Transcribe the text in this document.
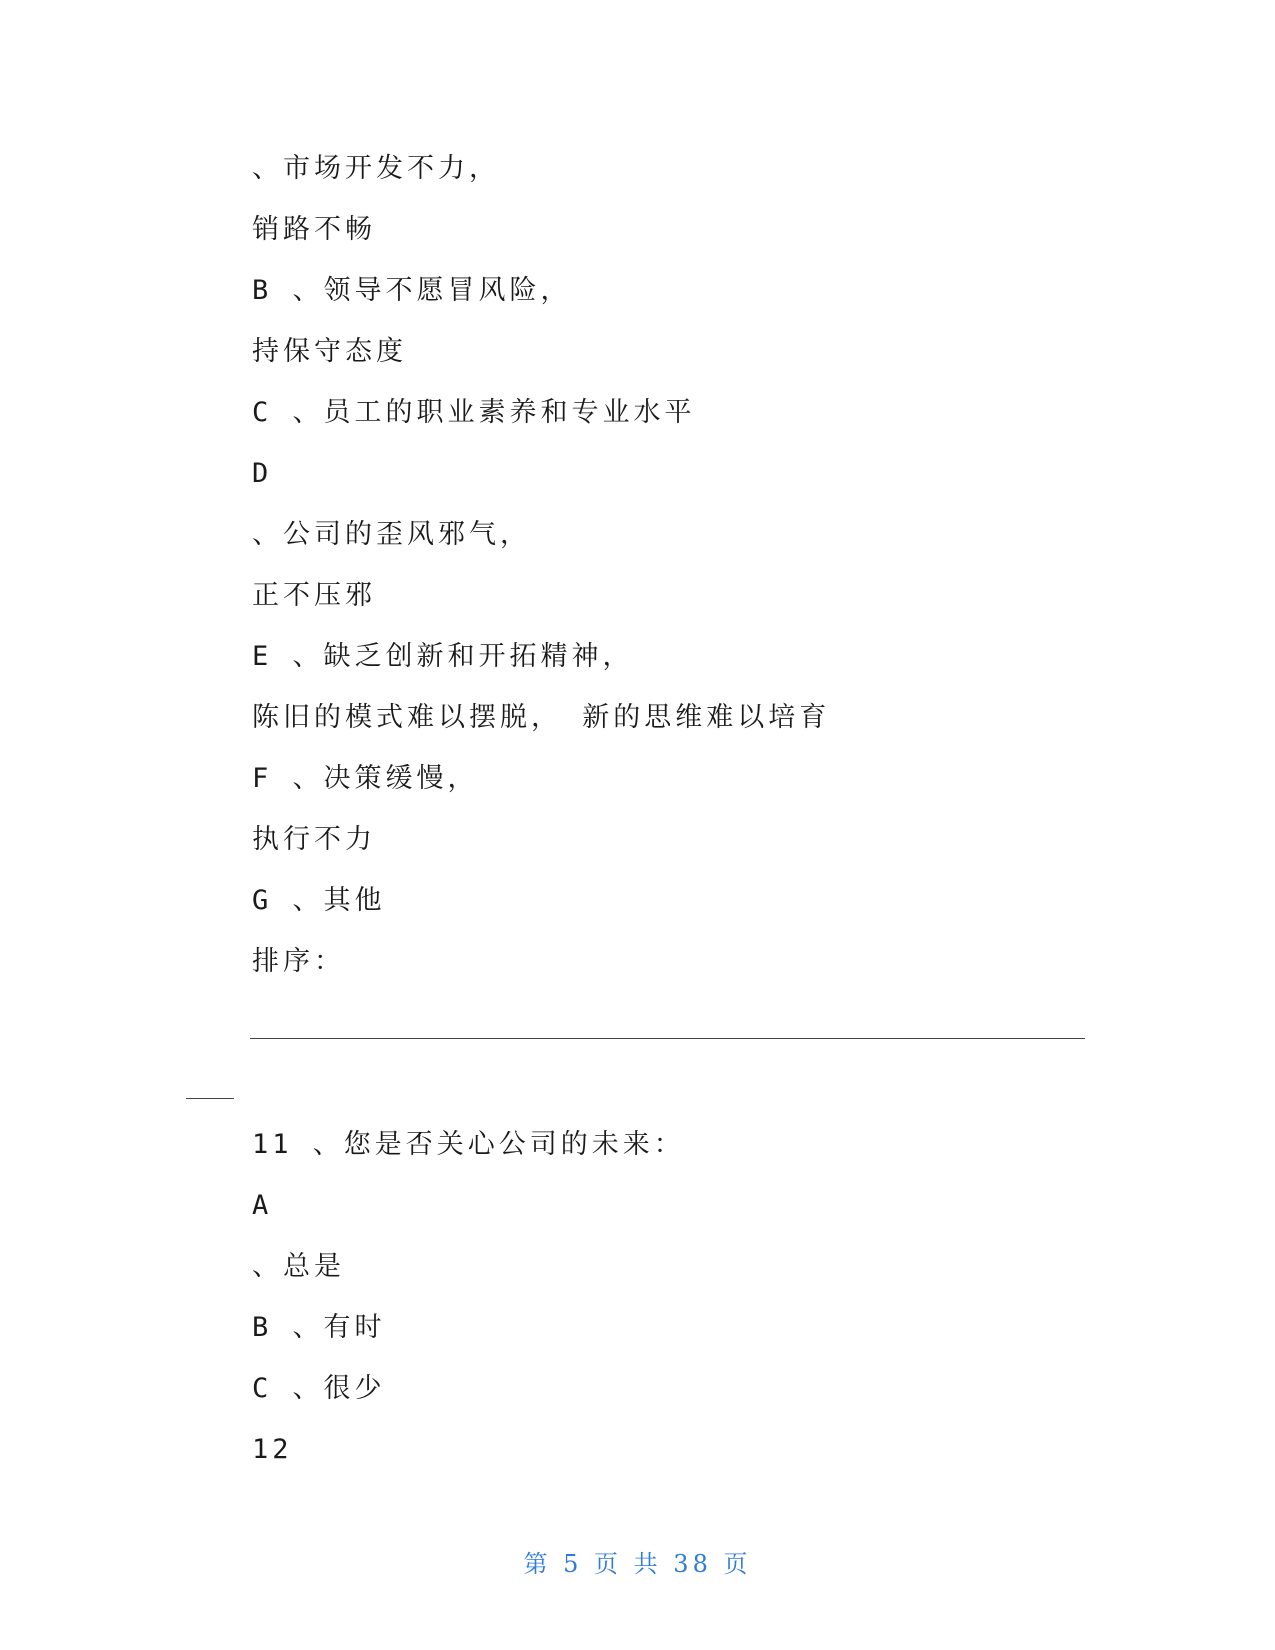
、市场开发不力，
销路不畅
B 、领导不愿冒风险，
持保守态度
C 、员工的职业素养和专业水平
D
、公司的歪风邪气，
正不压邪
E 、缺乏创新和开拓精神，
陈旧的模式难以摆脱， 新的思维难以培育
F 、决策缓慢，
执行不力
G 、其他
排序：
11 、您是否关心公司的未来：
A
、总是
B 、有时
C 、很少
12
第 5 页 共 38 页
